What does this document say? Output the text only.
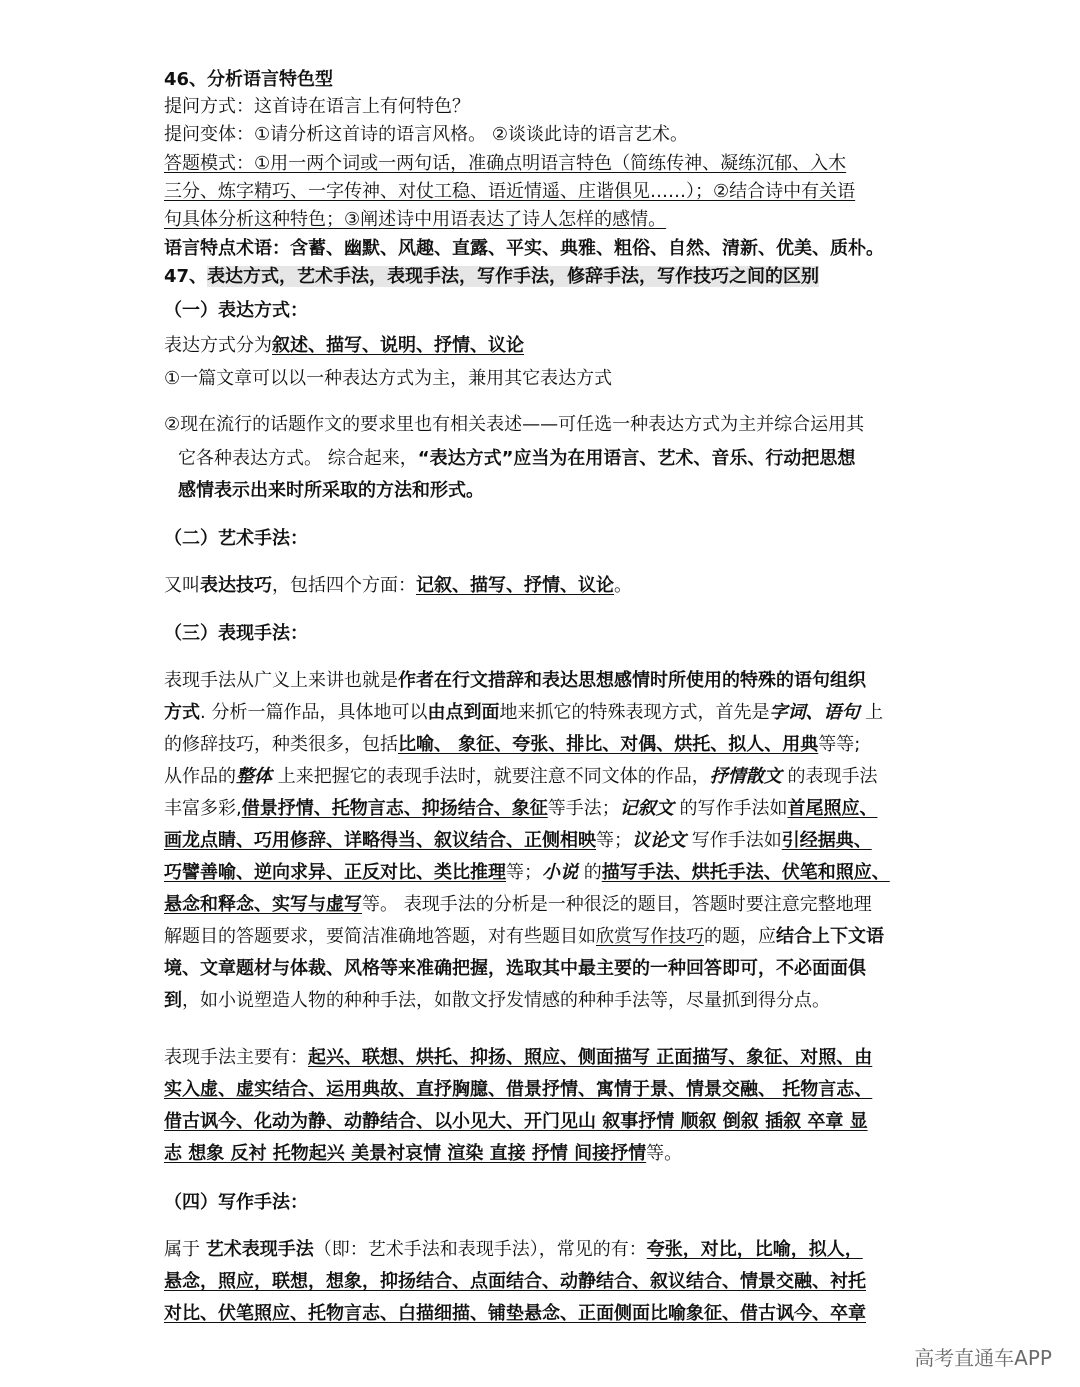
46、分析语言特色型
提问方式：这首诗在语言上有何特色？
提问变体：①请分析这首诗的语言风格。 ②谈谈此诗的语言艺术。
答题模式：①用一两个词或一两句话，准确点明语言特色（简练传神、凝练沉郁、入木
三分、炼字精巧、一字传神、对仗工稳、语近情遥、庄谐俱见……）；②结合诗中有关语
句具体分析这种特色；③阐述诗中用语表达了诗人怎样的感情。
语言特点术语：含蓄、幽默、风趣、直露、平实、典雅、粗俗、自然、清新、优美、质朴。
47、表达方式，艺术手法，表现手法，写作手法，修辞手法，写作技巧之间的区别
（一）表达方式：
表达方式分为叙述、描写、说明、抒情、议论
①一篇文章可以以一种表达方式为主，兼用其它表达方式
②现在流行的话题作文的要求里也有相关表述——可任选一种表达方式为主并综合运用其
它各种表达方式。 综合起来，“表达方式”应当为在用语言、艺术、音乐、行动把思想
感情表示出来时所采取的方法和形式。
（二）艺术手法：
又叫表达技巧，包括四个方面：记叙、描写、抒情、议论。
（三）表现手法：
表现手法从广义上来讲也就是作者在行文措辞和表达思想感情时所使用的特殊的语句组织
方式. 分析一篇作品，具体地可以由点到面地来抓它的特殊表现方式，首先是字词、语句 上
的修辞技巧，种类很多，包括比喻、 象征、夸张、排比、对偶、烘托、拟人、用典等等;
从作品的整体 上来把握它的表现手法时，就要注意不同文体的作品，抒情散文 的表现手法
丰富多彩,借景抒情、托物言志、抑扬结合、象征等手法；记叙文 的写作手法如首尾照应、
画龙点睛、巧用修辞、详略得当、叙议结合、正侧相映等；议论文 写作手法如引经据典、
巧譬善喻、逆向求异、正反对比、类比推理等；小说 的描写手法、烘托手法、伏笔和照应、
悬念和释念、实写与虚写等。 表现手法的分析是一种很泛的题目，答题时要注意完整地理
解题目的答题要求，要简洁准确地答题，对有些题目如欣赏写作技巧的题，应结合上下文语
境、文章题材与体裁、风格等来准确把握，选取其中最主要的一种回答即可，不必面面俱
到，如小说塑造人物的种种手法，如散文抒发情感的种种手法等，尽量抓到得分点。
表现手法主要有：起兴、联想、烘托、抑扬、照应、侧面描写 正面描写、象征、对照、由
实入虚、虚实结合、运用典故、直抒胸臆、借景抒情、寓情于景、情景交融、 托物言志、
借古讽今、化动为静、动静结合、以小见大、开门见山 叙事抒情 顺叙 倒叙 插叙 卒章 显
志 想象 反衬 托物起兴 美景衬哀情 渲染 直接 抒情 间接抒情等。
（四）写作手法：
属于 艺术表现手法（即：艺术手法和表现手法），常见的有：夸张，对比，比喻，拟人，
悬念，照应，联想，想象，抑扬结合、点面结合、动静结合、叙议结合、情景交融、衬托
对比、伏笔照应、托物言志、白描细描、铺垫悬念、正面侧面比喻象征、借古讽今、卒章
高考直通车APP
